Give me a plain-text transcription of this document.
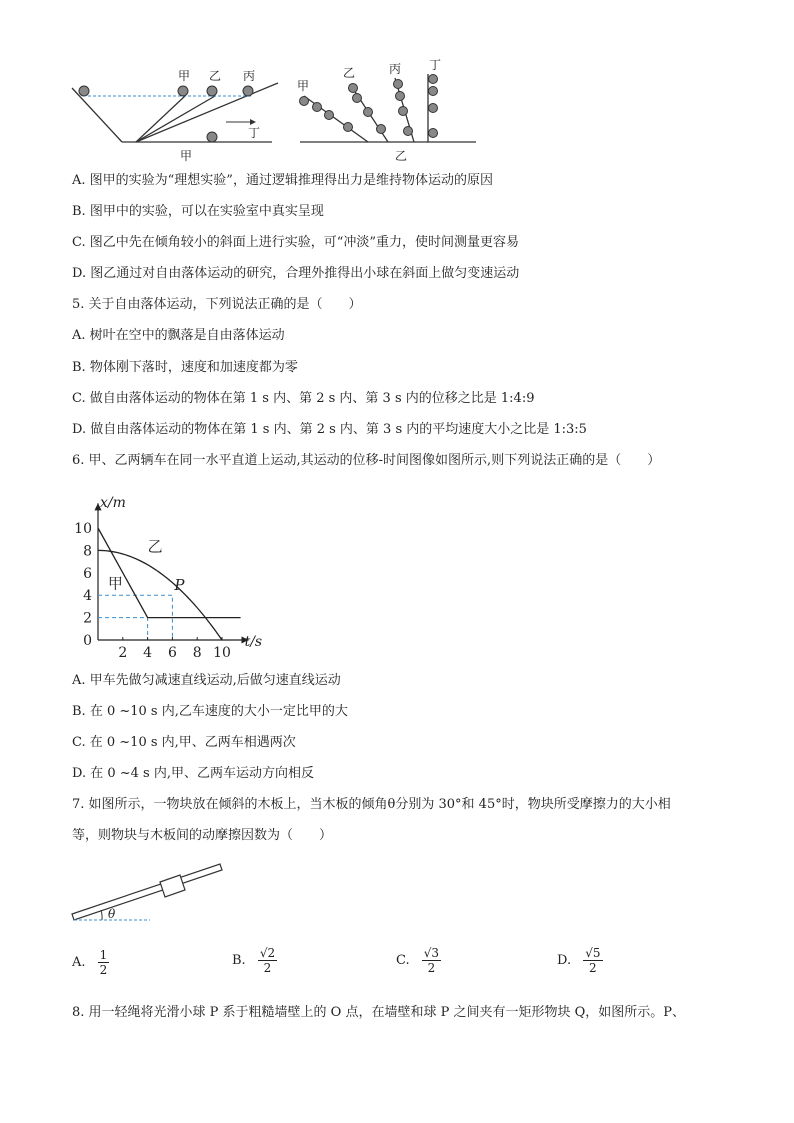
甲 乙 丙
丁
甲
甲
乙	丙 丁
乙
A. 图甲的实验为“理想实验”，通过逻辑推理得出力是维持物体运动的原因
B. 图甲中的实验，可以在实验室中真实呈现
C. 图乙中先在倾角较小的斜面上进行实验，可“冲淡”重力，使时间测量更容易
D. 图乙通过对自由落体运动的研究，合理外推得出小球在斜面上做匀变速运动
5. 关于自由落体运动，下列说法正确的是（　　）
A. 树叶在空中的飘落是自由落体运动
B. 物体刚下落时，速度和加速度都为零
C. 做自由落体运动的物体在第 1 s 内、第 2 s 内、第 3 s 内的位移之比是 1:4:9
D. 做自由落体运动的物体在第 1 s 内、第 2 s 内、第 3 s 内的平均速度大小之比是 1:3:5
6. 甲、乙两辆车在同一水平直道上运动,其运动的位移-时间图像如图所示,则下列说法正确的是（　　）
2 4 6 8 10
0
2
4
6
8
10
t/s
x/m
甲
乙
P
A. 甲车先做匀减速直线运动,后做匀速直线运动
B. 在 0 ~10 s 内,乙车速度的大小一定比甲的大
C. 在 0 ~10 s 内,甲、乙两车相遇两次
D. 在 0 ~4 s 内,甲、乙两车运动方向相反
7. 如图所示，一物块放在倾斜的木板上，当木板的倾角θ分别为 30°和 45°时，物块所受摩擦力的大小相
等，则物块与木板间的动摩擦因数为（　　）
θ
A. $\frac{1}{2}$	B. $\frac{√2}{2}$	C. $\frac{√3}{2}$	D. $\frac{√5}{2}$
8. 用一轻绳将光滑小球 P 系于粗糙墙壁上的 O 点，在墙壁和球 P 之间夹有一矩形物块 Q，如图所示。P、
